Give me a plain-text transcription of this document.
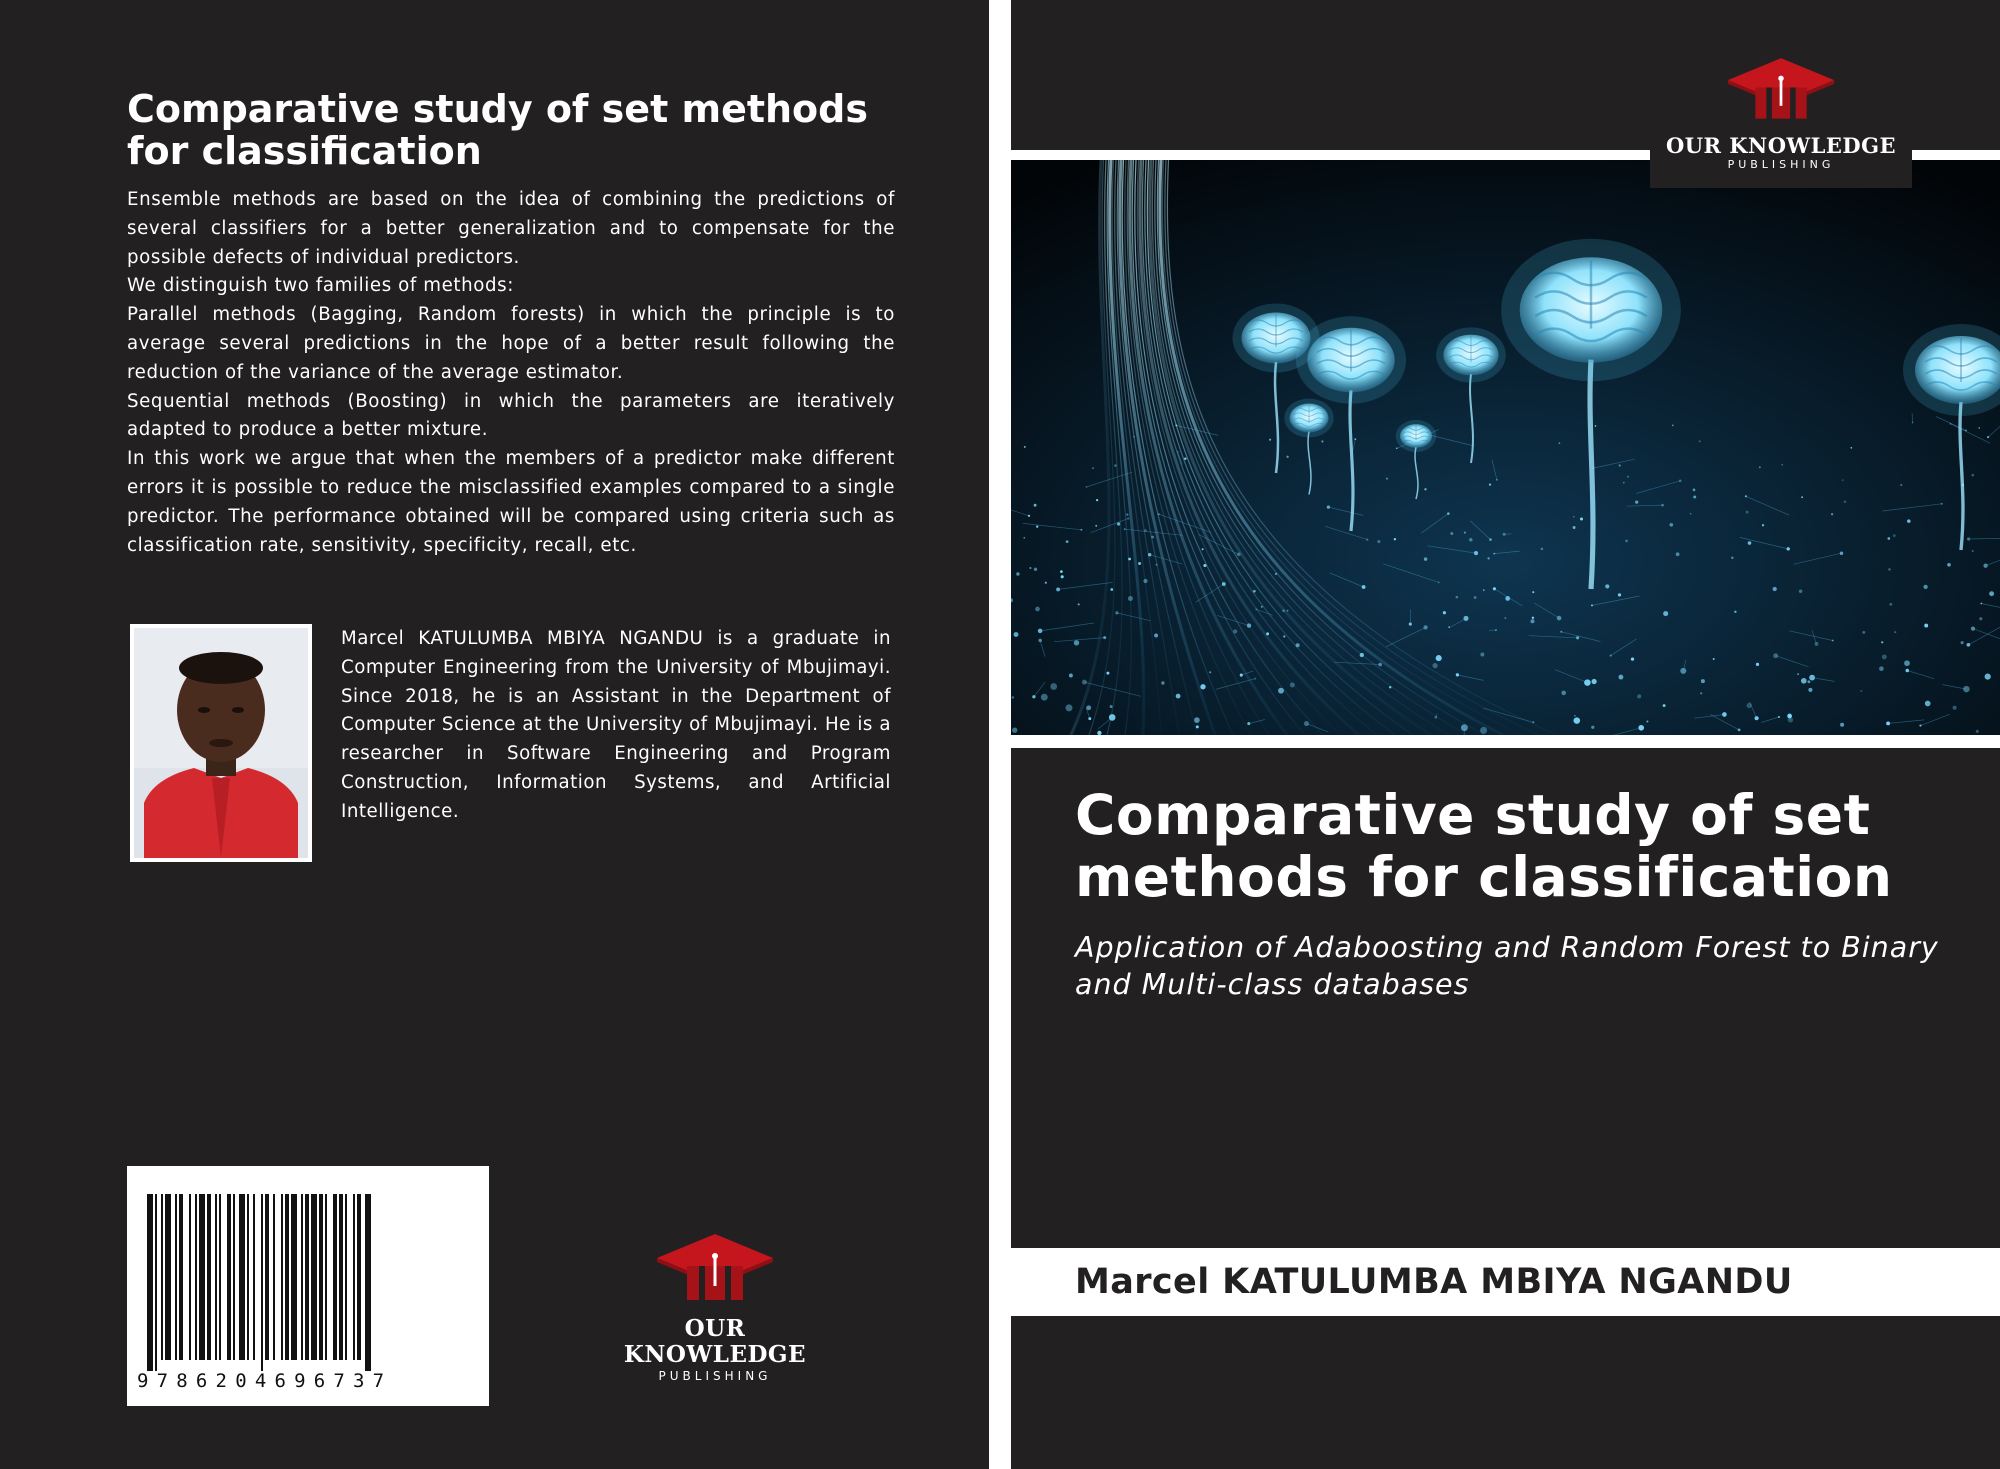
Comparative study of set methods for classification

Ensemble methods are based on the idea of combining the predictions of several classifiers for a better generalization and to compensate for the possible defects of individual predictors.

We distinguish two families of methods:

Parallel methods (Bagging, Random forests) in which the principle is to average several predictions in the hope of a better result following the reduction of the variance of the average estimator.

Sequential methods (Boosting) in which the parameters are iteratively adapted to produce a better mixture.

In this work we argue that when the members of a predictor make different errors it is possible to reduce the misclassified examples compared to a single predictor. The performance obtained will be compared using criteria such as classification rate, sensitivity, specificity, recall, etc.

Marcel KATULUMBA MBIYA NGANDU is a graduate in Computer Engineering from the University of Mbujimayi. Since 2018, he is an Assistant in the Department of Computer Science at the University of Mbujimayi. He is a researcher in Software Engineering and Program Construction, Information Systems, and Artificial Intelligence.

9786204696737
OUR KNOWLEDGE
PUBLISHING
OUR KNOWLEDGE
PUBLISHING
Comparative study of set methods for classification

Application of Adaboosting and Random Forest to Binary and Multi-class databases

Marcel KATULUMBA MBIYA NGANDU
